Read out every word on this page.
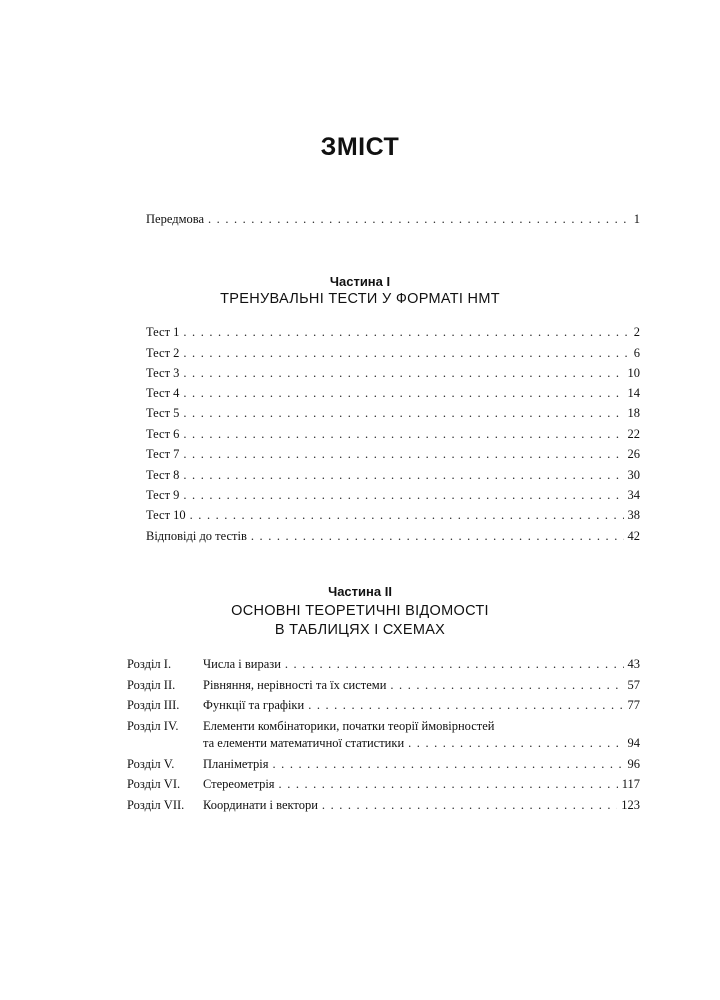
ЗМІСТ
Передмова . . .	1
Частина І
ТРЕНУВАЛЬНІ ТЕСТИ У ФОРМАТІ НМТ
Тест 1 . . .	2
Тест 2 . . .	6
Тест 3 . . .	10
Тест 4 . . .	14
Тест 5 . . .	18
Тест 6 . . .	22
Тест 7 . . .	26
Тест 8 . . .	30
Тест 9 . . .	34
Тест 10 . . .	38
Відповіді до тестів . . .	42
Частина ІІ
ОСНОВНІ ТЕОРЕТИЧНІ ВІДОМОСТІ
В ТАБЛИЦЯХ І СХЕМАХ
Розділ І.	Числа і вирази . . .	43
Розділ ІІ. Рівняння, нерівності та їх системи . . .	57
Розділ ІІІ. Функції та графіки . . .	77
Розділ IV. Елементи комбінаторики, початки теорії ймовірностей
та елементи математичної статистики . . .	94
Розділ V. Планіметрія . . .	96
Розділ VI. Стереометрія . . .	117
Розділ VII. Координати і вектори . . .	123
